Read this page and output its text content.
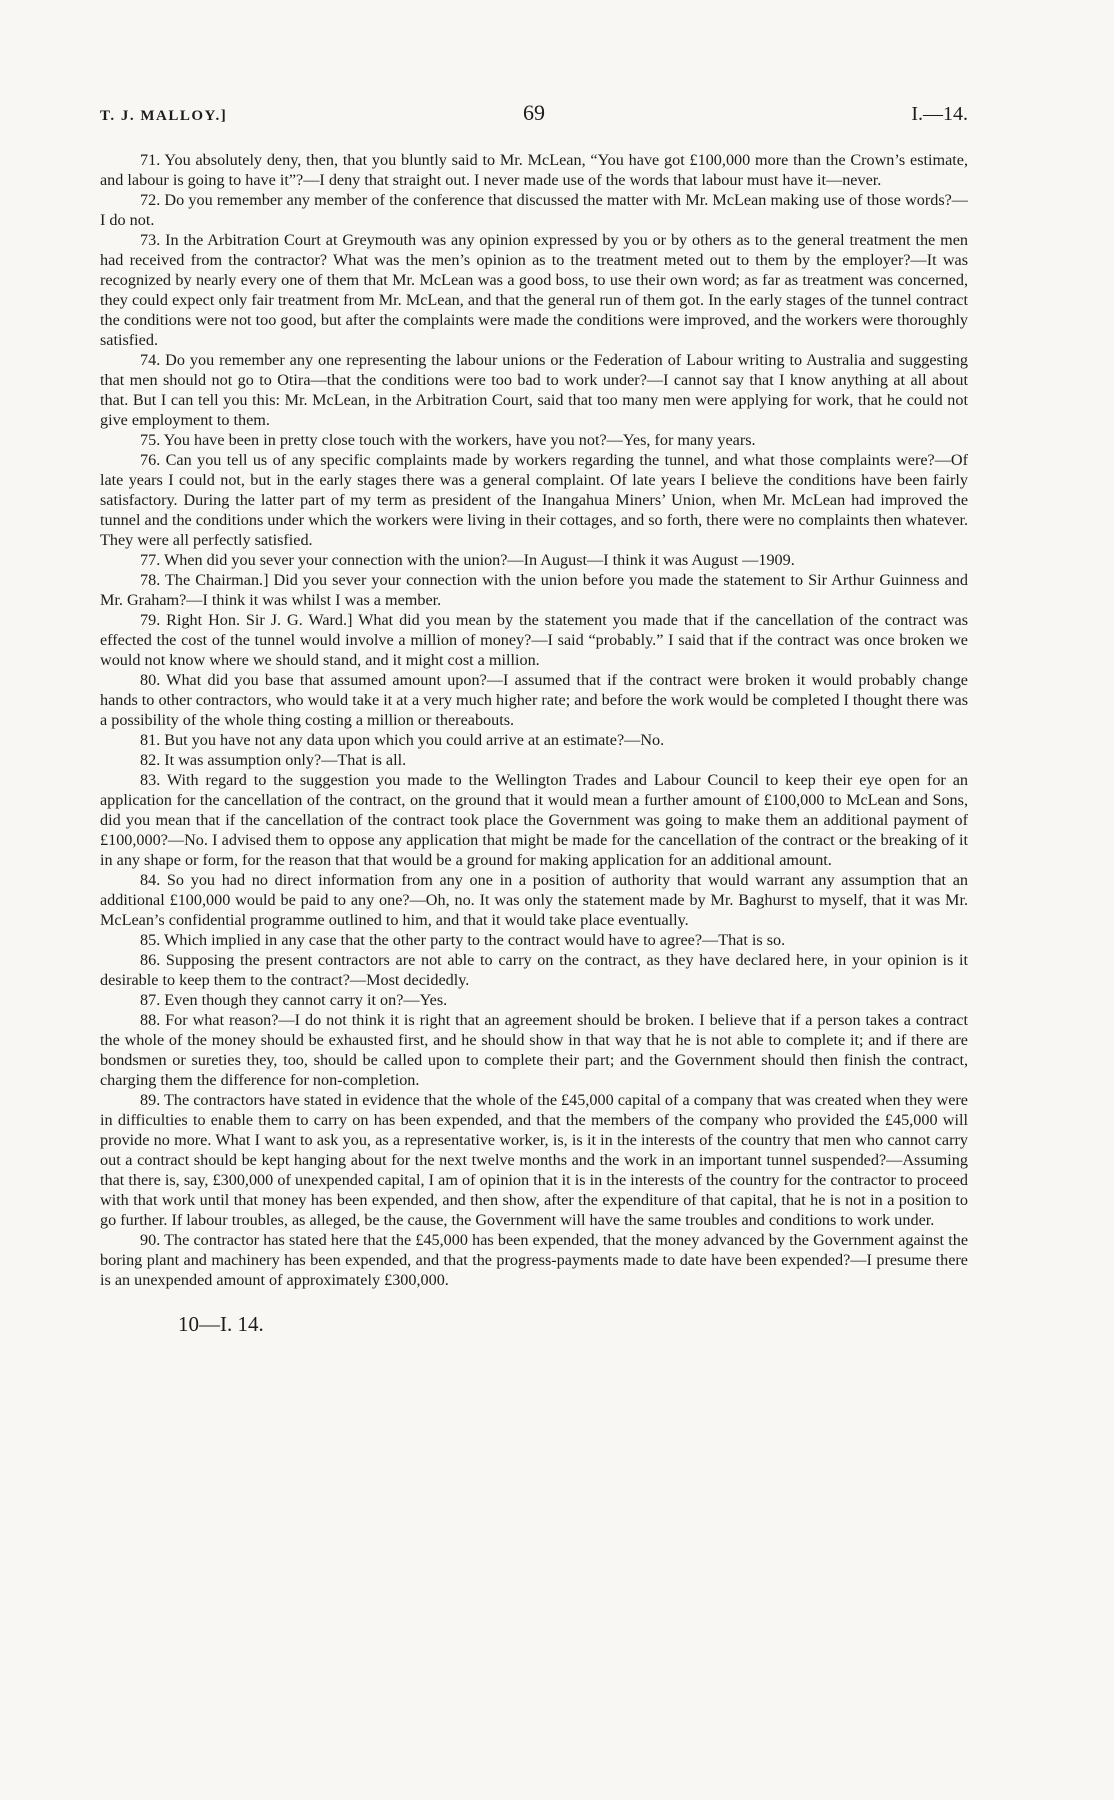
T. J. MALLOY.]	69	I.—14.

71. You absolutely deny, then, that you bluntly said to Mr. McLean, “You have got £100,000 more than the Crown’s estimate, and labour is going to have it”?—I deny that straight out. I never made use of the words that labour must have it—never.

72. Do you remember any member of the conference that discussed the matter with Mr. McLean making use of those words?—I do not.

73. In the Arbitration Court at Greymouth was any opinion expressed by you or by others as to the general treatment the men had received from the contractor? What was the men’s opinion as to the treatment meted out to them by the employer?—It was recognized by nearly every one of them that Mr. McLean was a good boss, to use their own word; as far as treatment was concerned, they could expect only fair treatment from Mr. McLean, and that the general run of them got. In the early stages of the tunnel contract the conditions were not too good, but after the complaints were made the conditions were improved, and the workers were thoroughly satisfied.

74. Do you remember any one representing the labour unions or the Federation of Labour writing to Australia and suggesting that men should not go to Otira—that the conditions were too bad to work under?—I cannot say that I know anything at all about that. But I can tell you this: Mr. McLean, in the Arbitration Court, said that too many men were applying for work, that he could not give employment to them.

75. You have been in pretty close touch with the workers, have you not?—Yes, for many years.

76. Can you tell us of any specific complaints made by workers regarding the tunnel, and what those complaints were?—Of late years I could not, but in the early stages there was a general complaint. Of late years I believe the conditions have been fairly satisfactory. During the latter part of my term as president of the Inangahua Miners’ Union, when Mr. McLean had improved the tunnel and the conditions under which the workers were living in their cottages, and so forth, there were no complaints then whatever. They were all perfectly satisfied.

77. When did you sever your connection with the union?—In August—I think it was August —1909.

78. The Chairman.] Did you sever your connection with the union before you made the statement to Sir Arthur Guinness and Mr. Graham?—I think it was whilst I was a member.

79. Right Hon. Sir J. G. Ward.] What did you mean by the statement you made that if the cancellation of the contract was effected the cost of the tunnel would involve a million of money?—I said “probably.” I said that if the contract was once broken we would not know where we should stand, and it might cost a million.

80. What did you base that assumed amount upon?—I assumed that if the contract were broken it would probably change hands to other contractors, who would take it at a very much higher rate; and before the work would be completed I thought there was a possibility of the whole thing costing a million or thereabouts.

81. But you have not any data upon which you could arrive at an estimate?—No.

82. It was assumption only?—That is all.

83. With regard to the suggestion you made to the Wellington Trades and Labour Council to keep their eye open for an application for the cancellation of the contract, on the ground that it would mean a further amount of £100,000 to McLean and Sons, did you mean that if the cancellation of the contract took place the Government was going to make them an additional payment of £100,000?—No. I advised them to oppose any application that might be made for the cancellation of the contract or the breaking of it in any shape or form, for the reason that that would be a ground for making application for an additional amount.

84. So you had no direct information from any one in a position of authority that would warrant any assumption that an additional £100,000 would be paid to any one?—Oh, no. It was only the statement made by Mr. Baghurst to myself, that it was Mr. McLean’s confidential programme outlined to him, and that it would take place eventually.

85. Which implied in any case that the other party to the contract would have to agree?—That is so.

86. Supposing the present contractors are not able to carry on the contract, as they have declared here, in your opinion is it desirable to keep them to the contract?—Most decidedly.

87. Even though they cannot carry it on?—Yes.

88. For what reason?—I do not think it is right that an agreement should be broken. I believe that if a person takes a contract the whole of the money should be exhausted first, and he should show in that way that he is not able to complete it; and if there are bondsmen or sureties they, too, should be called upon to complete their part; and the Government should then finish the contract, charging them the difference for non-completion.

89. The contractors have stated in evidence that the whole of the £45,000 capital of a company that was created when they were in difficulties to enable them to carry on has been expended, and that the members of the company who provided the £45,000 will provide no more. What I want to ask you, as a representative worker, is, is it in the interests of the country that men who cannot carry out a contract should be kept hanging about for the next twelve months and the work in an important tunnel suspended?—Assuming that there is, say, £300,000 of unexpended capital, I am of opinion that it is in the interests of the country for the contractor to proceed with that work until that money has been expended, and then show, after the expenditure of that capital, that he is not in a position to go further. If labour troubles, as alleged, be the cause, the Government will have the same troubles and conditions to work under.

90. The contractor has stated here that the £45,000 has been expended, that the money advanced by the Government against the boring plant and machinery has been expended, and that the progress-payments made to date have been expended?—I presume there is an unexpended amount of approximately £300,000.

10—I. 14.
